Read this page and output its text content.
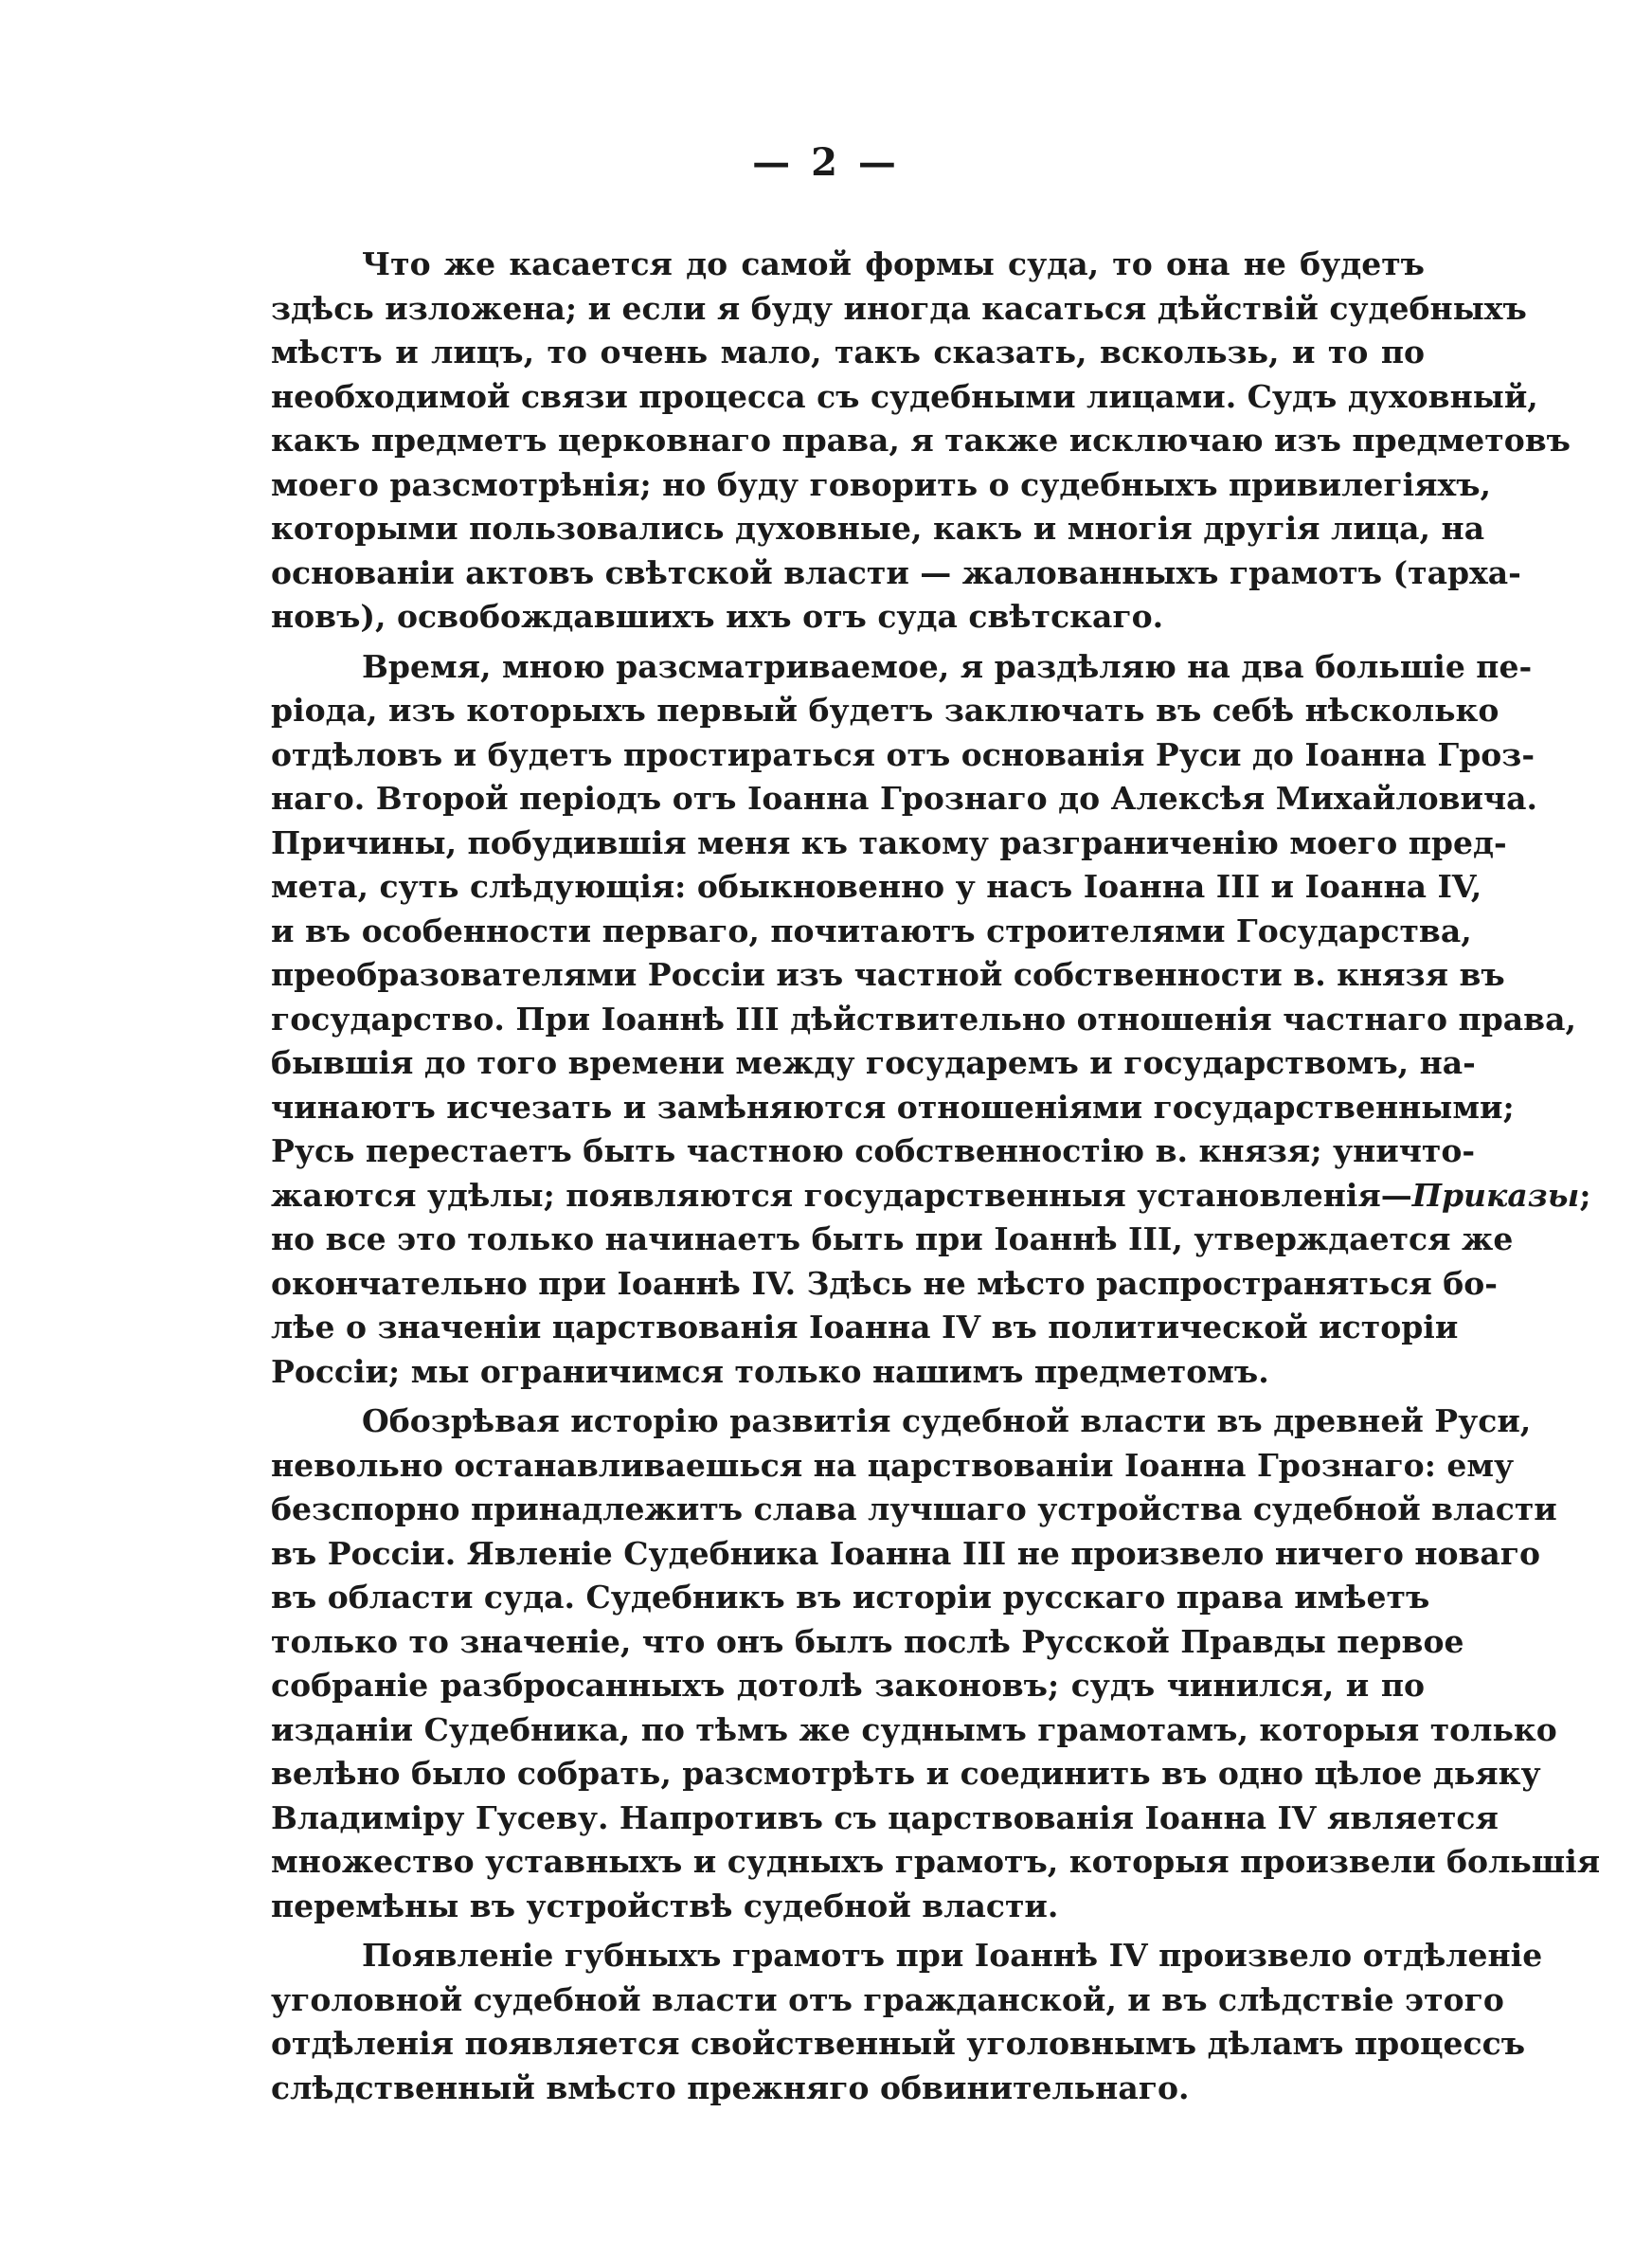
— 2 —

Что же касается до самой формы суда, то она не будетъ
здѣсь изложена; и если я буду иногда касаться дѣйствій судебныхъ
мѣстъ и лицъ, то очень мало, такъ сказать, вскользь, и то по
необходимой связи процесса съ судебными лицами. Судъ духовный,
какъ предметъ церковнаго права, я также исключаю изъ предметовъ
моего разсмотрѣнія; но буду говорить о судебныхъ привилегіяхъ,
которыми пользовались духовные, какъ и многія другія лица, на
основаніи актовъ свѣтской власти — жалованныхъ грамотъ (тарха-
новъ), освобождавшихъ ихъ отъ суда свѣтскаго.

Время, мною разсматриваемое, я раздѣляю на два большіе пе-
ріода, изъ которыхъ первый будетъ заключать въ себѣ нѣсколько
отдѣловъ и будетъ простираться отъ основанія Руси до Іоанна Гроз-
наго. Второй періодъ отъ Іоанна Грознаго до Алексѣя Михайловича.
Причины, побудившія меня къ такому разграниченію моего пред-
мета, суть слѣдующія: обыкновенно у насъ Іоанна III и Іоанна IV,
и въ особенности перваго, почитаютъ строителями Государства,
преобразователями Россіи изъ частной собственности в. князя въ
государство. При Іоаннѣ III дѣйствительно отношенія частнаго права,
бывшія до того времени между государемъ и государствомъ, на-
чинаютъ исчезать и замѣняются отношеніями государственными;
Русь перестаетъ быть частною собственностію в. князя; уничто-
жаются удѣлы; появляются государственныя установленія—Приказы;
но все это только начинаетъ быть при Іоаннѣ III, утверждается же
окончательно при Іоаннѣ IV. Здѣсь не мѣсто распространяться бо-
лѣе о значеніи царствованія Іоанна IV въ политической исторіи
Россіи; мы ограничимся только нашимъ предметомъ.

Обозрѣвая исторію развитія судебной власти въ древней Руси,
невольно останавливаешься на царствованіи Іоанна Грознаго: ему
безспорно принадлежитъ слава лучшаго устройства судебной власти
въ Россіи. Явленіе Судебника Іоанна III не произвело ничего новаго
въ области суда. Судебникъ въ исторіи русскаго права имѣетъ
только то значеніе, что онъ былъ послѣ Русской Правды первое
собраніе разбросанныхъ дотолѣ законовъ; судъ чинился, и по
изданіи Судебника, по тѣмъ же суднымъ грамотамъ, которыя только
велѣно было собрать, разсмотрѣть и соединить въ одно цѣлое дьяку
Владиміру Гусеву. Напротивъ съ царствованія Іоанна IV является
множество уставныхъ и судныхъ грамотъ, которыя произвели большія
перемѣны въ устройствѣ судебной власти.

Появленіе губныхъ грамотъ при Іоаннѣ IV произвело отдѣленіе
уголовной судебной власти отъ гражданской, и въ слѣдствіе этого
отдѣленія появляется свойственный уголовнымъ дѣламъ процессъ
слѣдственный вмѣсто прежняго обвинительнаго.
